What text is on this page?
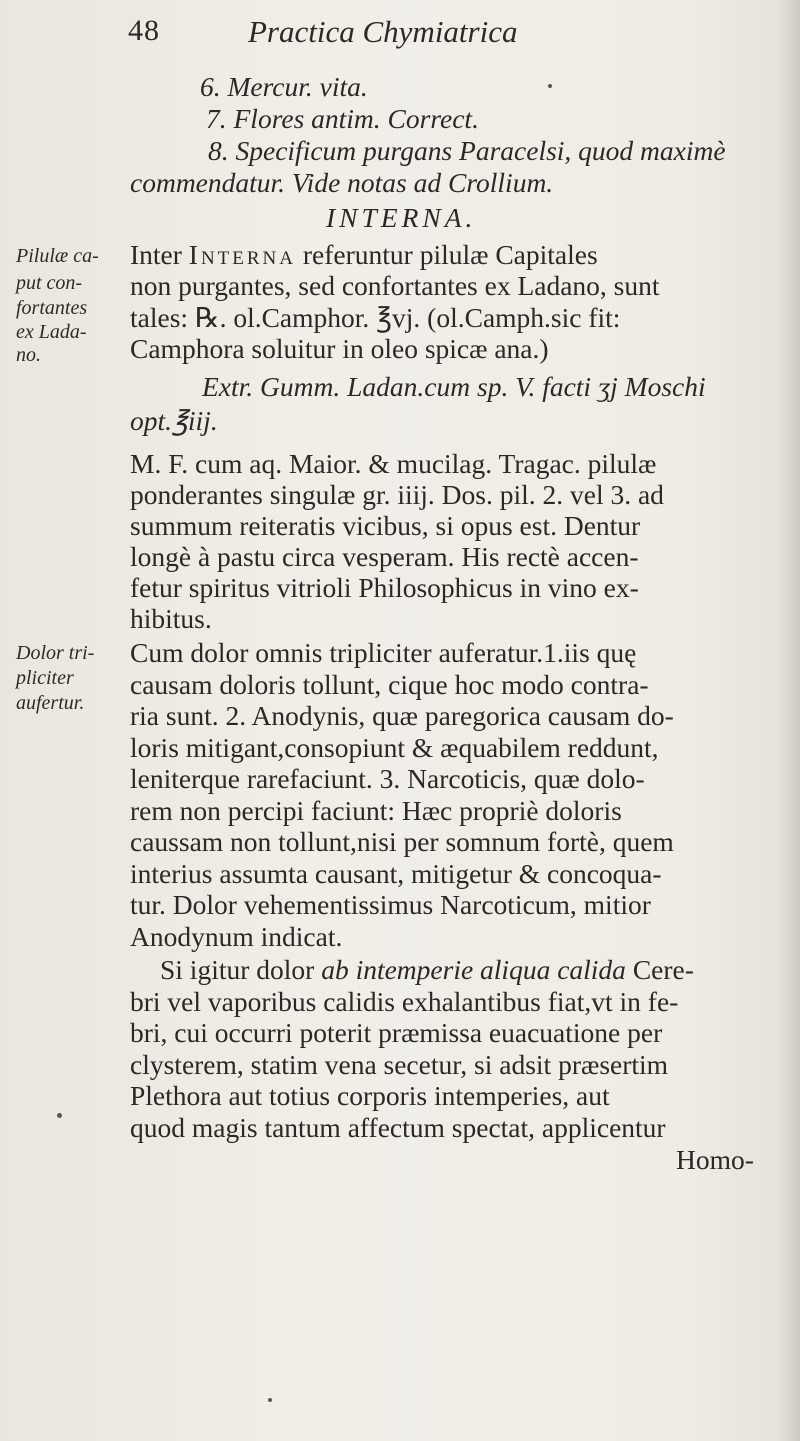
48	Practica Chymiatrica
6. Mercur. vita.
7. Flores antim. Correct.
8. Specificum purgans Paracelsi, quod maximè
commendatur. Vide notas ad Crollium.
INTERNA.
Inter Interna referuntur pilulæ Capitales
non purgantes, sed confortantes ex Ladano, sunt
tales: ℞. ol.Camphor. ℥vj. (ol.Camph.sic fit:
Camphora soluitur in oleo spicæ ana.)
Extr. Gumm. Ladan.cum sp. V. facti ʒj Moschi
opt.℥iij.
M. F. cum aq. Maior. & mucilag. Tragac. pilulæ
ponderantes singulæ gr. iiij. Dos. pil. 2. vel 3. ad
summum reiteratis vicibus, si opus est. Dentur
longè à pastu circa vesperam. His rectè accen-
fetur spiritus vitrioli Philosophicus in vino ex-
hibitus.
Cum dolor omnis tripliciter auferatur.1.iis quę
causam doloris tollunt, cique hoc modo contra-
ria sunt. 2. Anodynis, quæ paregorica causam do-
loris mitigant,consopiunt & æquabilem reddunt,
leniterque rarefaciunt. 3. Narcoticis, quæ dolo-
rem non percipi faciunt: Hæc propriè doloris
caussam non tollunt,nisi per somnum fortè, quem
interius assumta causant, mitigetur & concoqua-
tur. Dolor vehementissimus Narcoticum, mitior
Anodynum indicat.
Si igitur dolor ab intemperie aliqua calida Cere-
bri vel vaporibus calidis exhalantibus fiat,vt in fe-
bri, cui occurri poterit præmissa euacuatione per
clysterem, statim vena secetur, si adsit præsertim
Plethora aut totius corporis intemperies, aut
quod magis tantum affectum spectat, applicentur
Homo-
Pilulæ ca-
put con-
fortantes
ex Lada-
no.
Dolor tri-
pliciter
aufertur.
